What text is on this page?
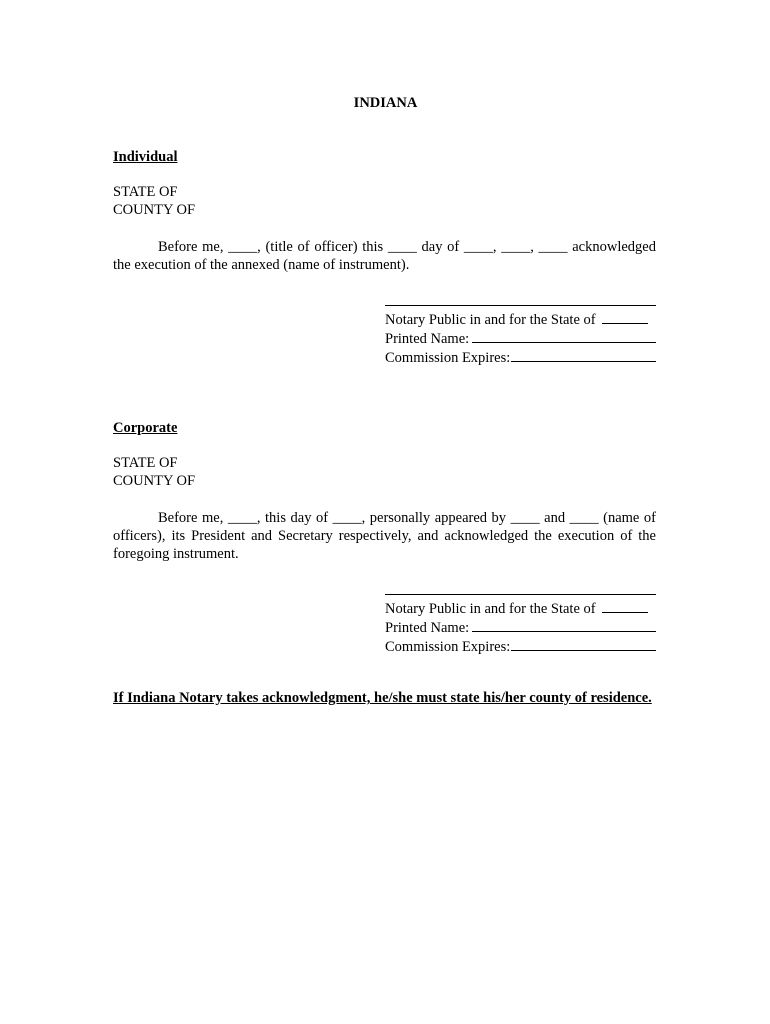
INDIANA
Individual
STATE OF
COUNTY OF
Before me, ____, (title of officer) this ____ day of ____, ____, ____ acknowledged the execution of the annexed (name of instrument).
Notary Public in and for the State of
Printed Name:
Commission Expires:
Corporate
STATE OF
COUNTY OF
Before me, ____, this day of ____, personally appeared by ____ and ____ (name of officers), its President and Secretary respectively, and acknowledged the execution of the foregoing instrument.
Notary Public in and for the State of
Printed Name:
Commission Expires:
If Indiana Notary takes acknowledgment, he/she must state his/her county of residence.
